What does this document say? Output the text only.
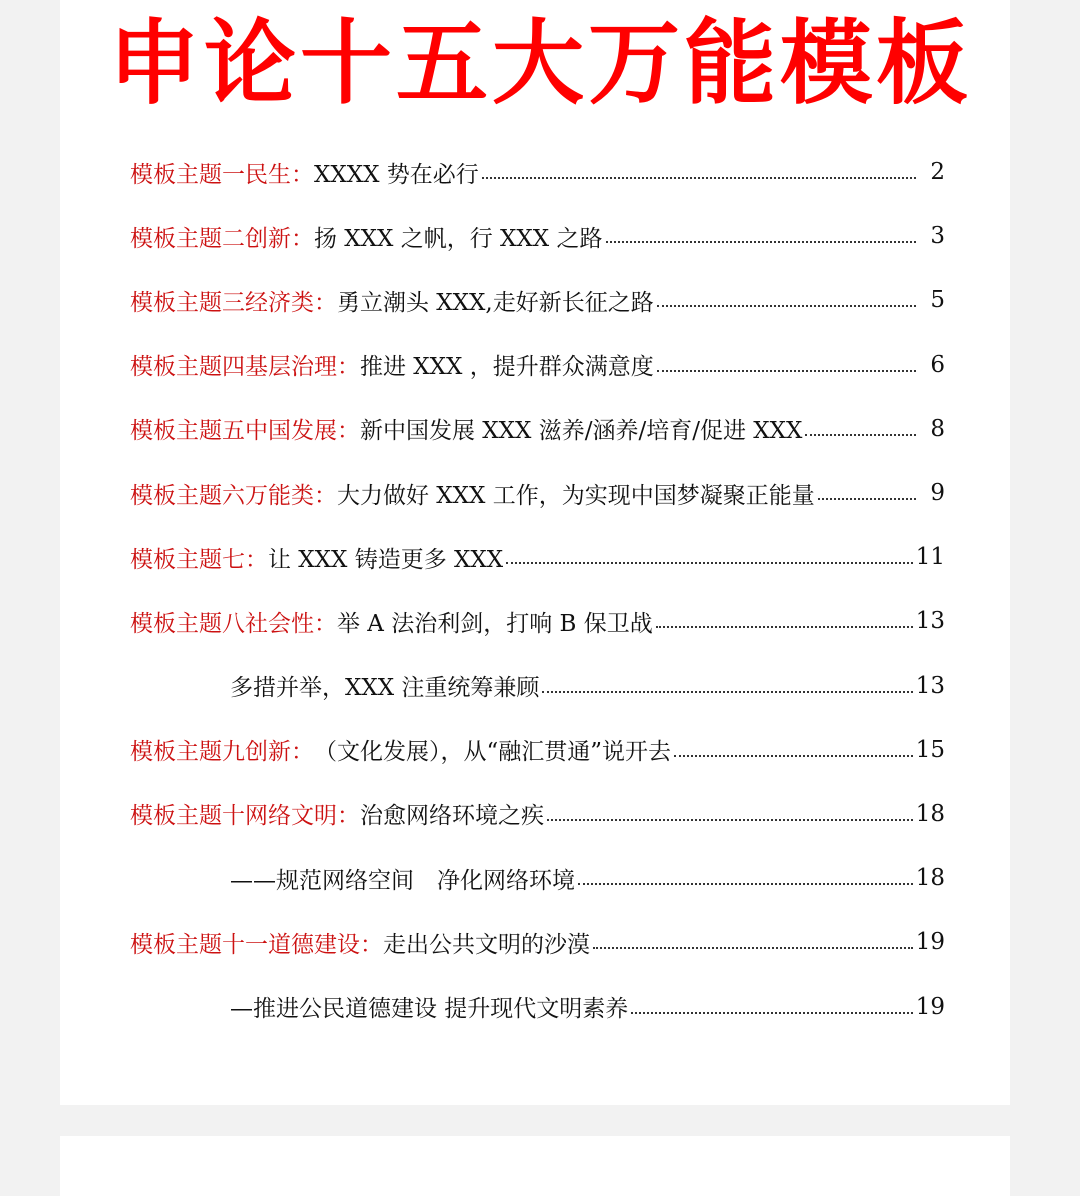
申论十五大万能模板
模板主题一民生： XXXX 势在必行	2
模板主题二创新： 扬 XXX 之帆，行 XXX 之路	3
模板主题三经济类： 勇立潮头 XXX,走好新长征之路	5
模板主题四基层治理： 推进 XXX ，提升群众满意度	6
模板主题五中国发展： 新中国发展 XXX 滋养/涵养/培育/促进 XXX	8
模板主题六万能类： 大力做好 XXX 工作，为实现中国梦凝聚正能量	9
模板主题七： 让 XXX 铸造更多 XXX	11
模板主题八社会性： 举 A 法治利剑，打响 B 保卫战	13
多措并举，XXX 注重统筹兼顾	13
模板主题九创新： （文化发展），从“融汇贯通”说开去	15
模板主题十网络文明： 治愈网络环境之疾	18
——规范网络空间　净化网络环境	18
模板主题十一道德建设： 走出公共文明的沙漠	19
—推进公民道德建设 提升现代文明素养	19
